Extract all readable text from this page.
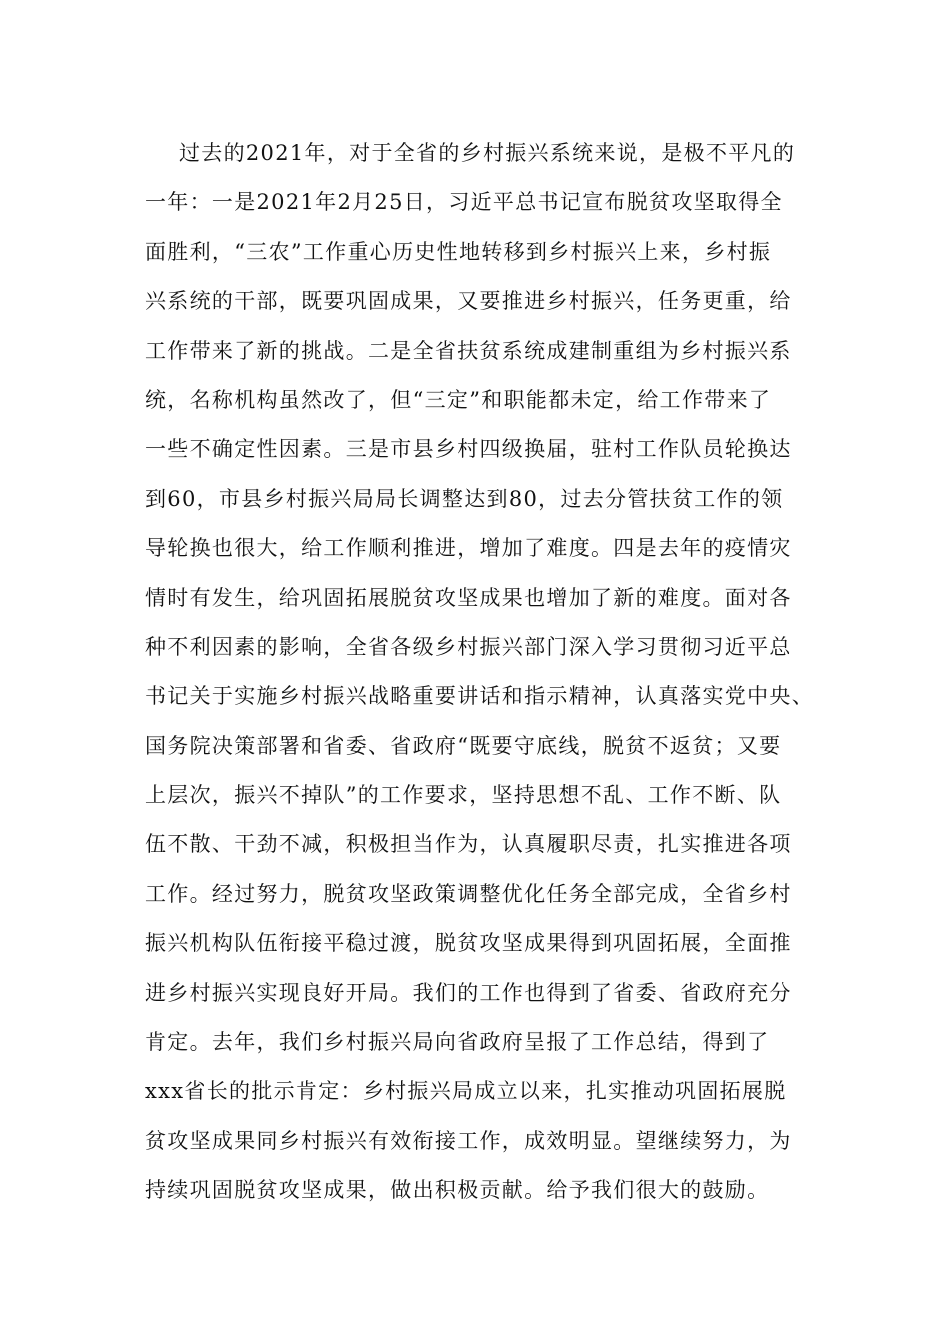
过去的2021年，对于全省的乡村振兴系统来说，是极不平凡的
一年：一是2021年2月25日，习近平总书记宣布脱贫攻坚取得全
面胜利，“三农”工作重心历史性地转移到乡村振兴上来，乡村振
兴系统的干部，既要巩固成果，又要推进乡村振兴，任务更重，给
工作带来了新的挑战。二是全省扶贫系统成建制重组为乡村振兴系
统，名称机构虽然改了，但“三定”和职能都未定，给工作带来了
一些不确定性因素。三是市县乡村四级换届，驻村工作队员轮换达
到60，市县乡村振兴局局长调整达到80，过去分管扶贫工作的领
导轮换也很大，给工作顺利推进，增加了难度。四是去年的疫情灾
情时有发生，给巩固拓展脱贫攻坚成果也增加了新的难度。面对各
种不利因素的影响，全省各级乡村振兴部门深入学习贯彻习近平总
书记关于实施乡村振兴战略重要讲话和指示精神，认真落实党中央、
国务院决策部署和省委、省政府“既要守底线，脱贫不返贫；又要
上层次，振兴不掉队”的工作要求，坚持思想不乱、工作不断、队
伍不散、干劲不减，积极担当作为，认真履职尽责，扎实推进各项
工作。经过努力，脱贫攻坚政策调整优化任务全部完成，全省乡村
振兴机构队伍衔接平稳过渡，脱贫攻坚成果得到巩固拓展，全面推
进乡村振兴实现良好开局。我们的工作也得到了省委、省政府充分
肯定。去年，我们乡村振兴局向省政府呈报了工作总结，得到了
xxx省长的批示肯定：乡村振兴局成立以来，扎实推动巩固拓展脱
贫攻坚成果同乡村振兴有效衔接工作，成效明显。望继续努力，为
持续巩固脱贫攻坚成果，做出积极贡献。给予我们很大的鼓励。
